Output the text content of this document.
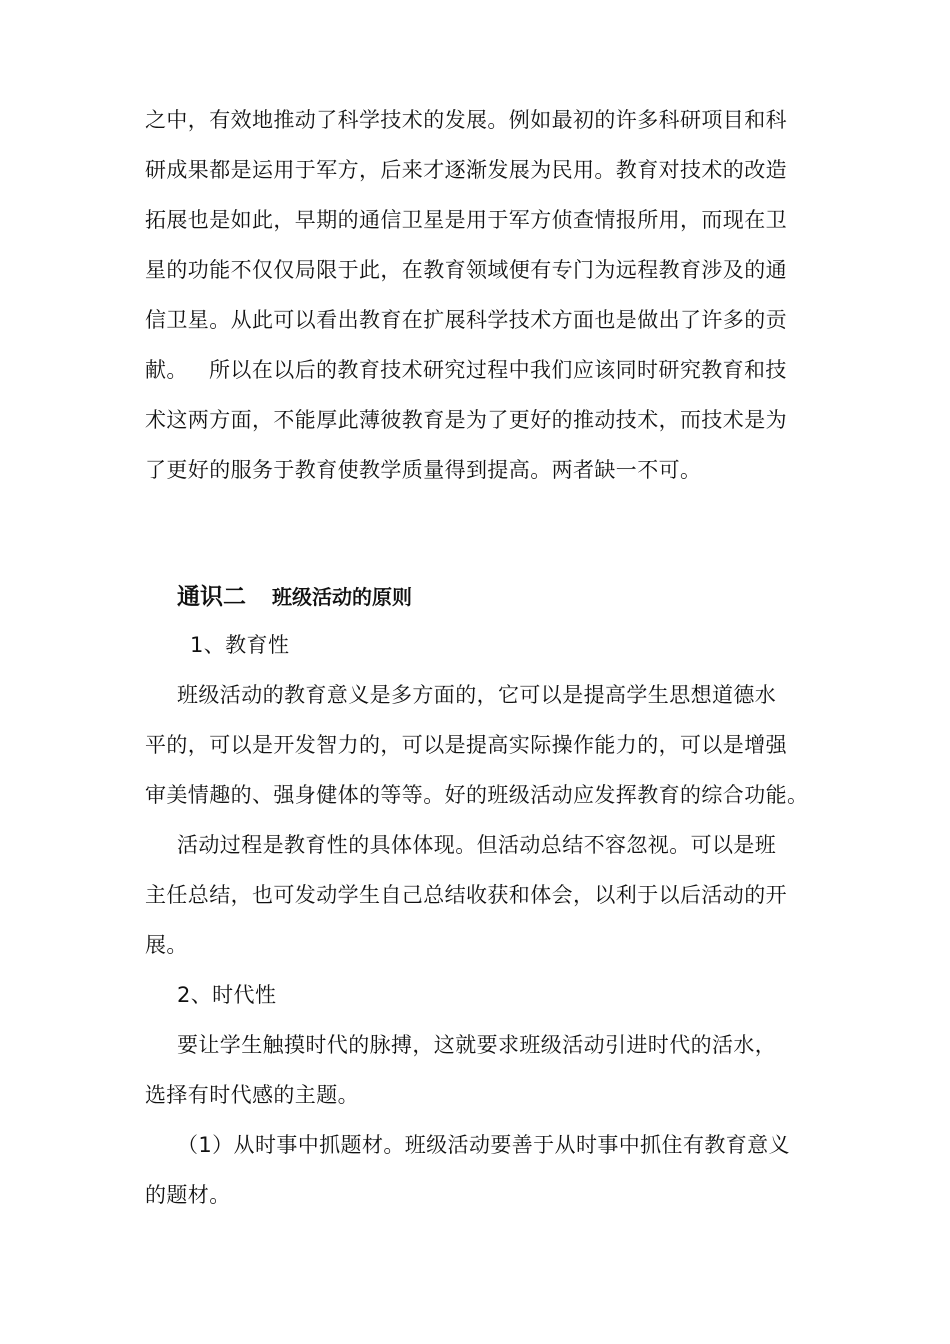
之中，有效地推动了科学技术的发展。例如最初的许多科研项目和科
研成果都是运用于军方，后来才逐渐发展为民用。教育对技术的改造
拓展也是如此，早期的通信卫星是用于军方侦查情报所用，而现在卫
星的功能不仅仅局限于此，在教育领域便有专门为远程教育涉及的通
信卫星。从此可以看出教育在扩展科学技术方面也是做出了许多的贡
献。   所以在以后的教育技术研究过程中我们应该同时研究教育和技
术这两方面，不能厚此薄彼教育是为了更好的推动技术，而技术是为
了更好的服务于教育使教学质量得到提高。两者缺一不可。
通识二 班级活动的原则
1、教育性
班级活动的教育意义是多方面的，它可以是提高学生思想道德水
平的，可以是开发智力的，可以是提高实际操作能力的，可以是增强
审美情趣的、强身健体的等等。好的班级活动应发挥教育的综合功能。
活动过程是教育性的具体体现。但活动总结不容忽视。可以是班
主任总结，也可发动学生自己总结收获和体会，以利于以后活动的开
展。
2、时代性
要让学生触摸时代的脉搏，这就要求班级活动引进时代的活水，
选择有时代感的主题。
（1）从时事中抓题材。班级活动要善于从时事中抓住有教育意义
的题材。
